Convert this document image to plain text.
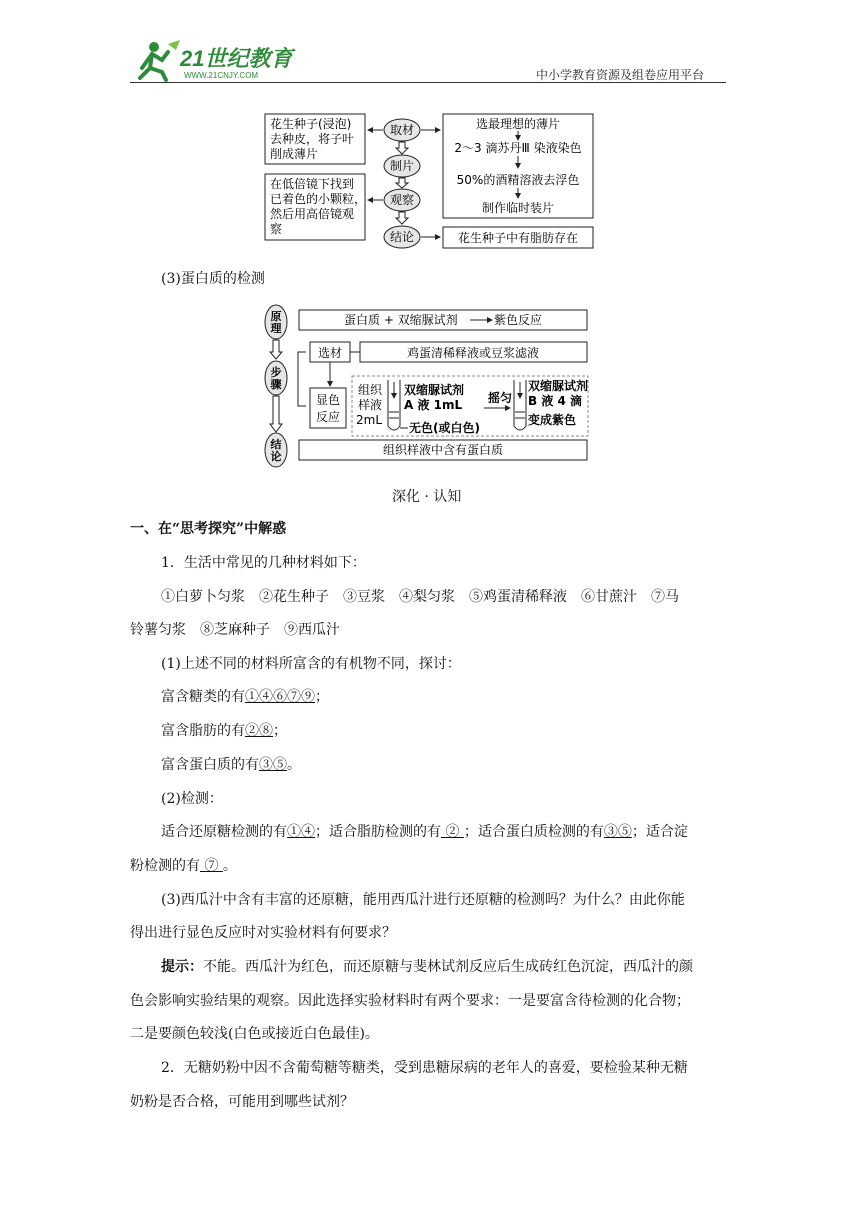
21世纪教育
WWW.21CNJY.COM	中小学教育资源及组卷应用平台
花生种子(浸泡)
去种皮，将子叶
削成薄片
在低倍镜下找到
已着色的小颗粒，
然后用高倍镜观
察
取材
制片
观察
结论
选最理想的薄片
2～3 滴苏丹Ⅲ 染液染色
50%的酒精溶液去浮色
制作临时装片
花生种子中有脂肪存在
(3)蛋白质的检测
原
理
步
骤
结
论
蛋白质 + 双缩脲试剂	紫色反应
选材	鸡蛋清稀释液或豆浆滤液
显色
反应
组织
样液
2mL
双缩脲试剂
A 液 1mL
无色(或白色)
摇匀
双缩脲试剂
B 液 4 滴
变成紫色
组织样液中含有蛋白质
深化 · 认知
一、在“思考探究”中解惑
1．生活中常见的几种材料如下：
①白萝卜匀浆　②花生种子　③豆浆　④梨匀浆　⑤鸡蛋清稀释液　⑥甘蔗汁　⑦马
铃薯匀浆　⑧芝麻种子　⑨西瓜汁
(1)上述不同的材料所富含的有机物不同，探讨：
富含糖类的有①④⑥⑦⑨；
富含脂肪的有②⑧；
富含蛋白质的有③⑤。
(2)检测：
适合还原糖检测的有①④；适合脂肪检测的有 ② ；适合蛋白质检测的有③⑤；适合淀
粉检测的有 ⑦ 。
(3)西瓜汁中含有丰富的还原糖，能用西瓜汁进行还原糖的检测吗？为什么？由此你能
得出进行显色反应时对实验材料有何要求？
提示：不能。西瓜汁为红色，而还原糖与斐林试剂反应后生成砖红色沉淀，西瓜汁的颜
色会影响实验结果的观察。因此选择实验材料时有两个要求：一是要富含待检测的化合物；
二是要颜色较浅(白色或接近白色最佳)。
2．无糖奶粉中因不含葡萄糖等糖类，受到患糖尿病的老年人的喜爱，要检验某种无糖
奶粉是否合格，可能用到哪些试剂？
